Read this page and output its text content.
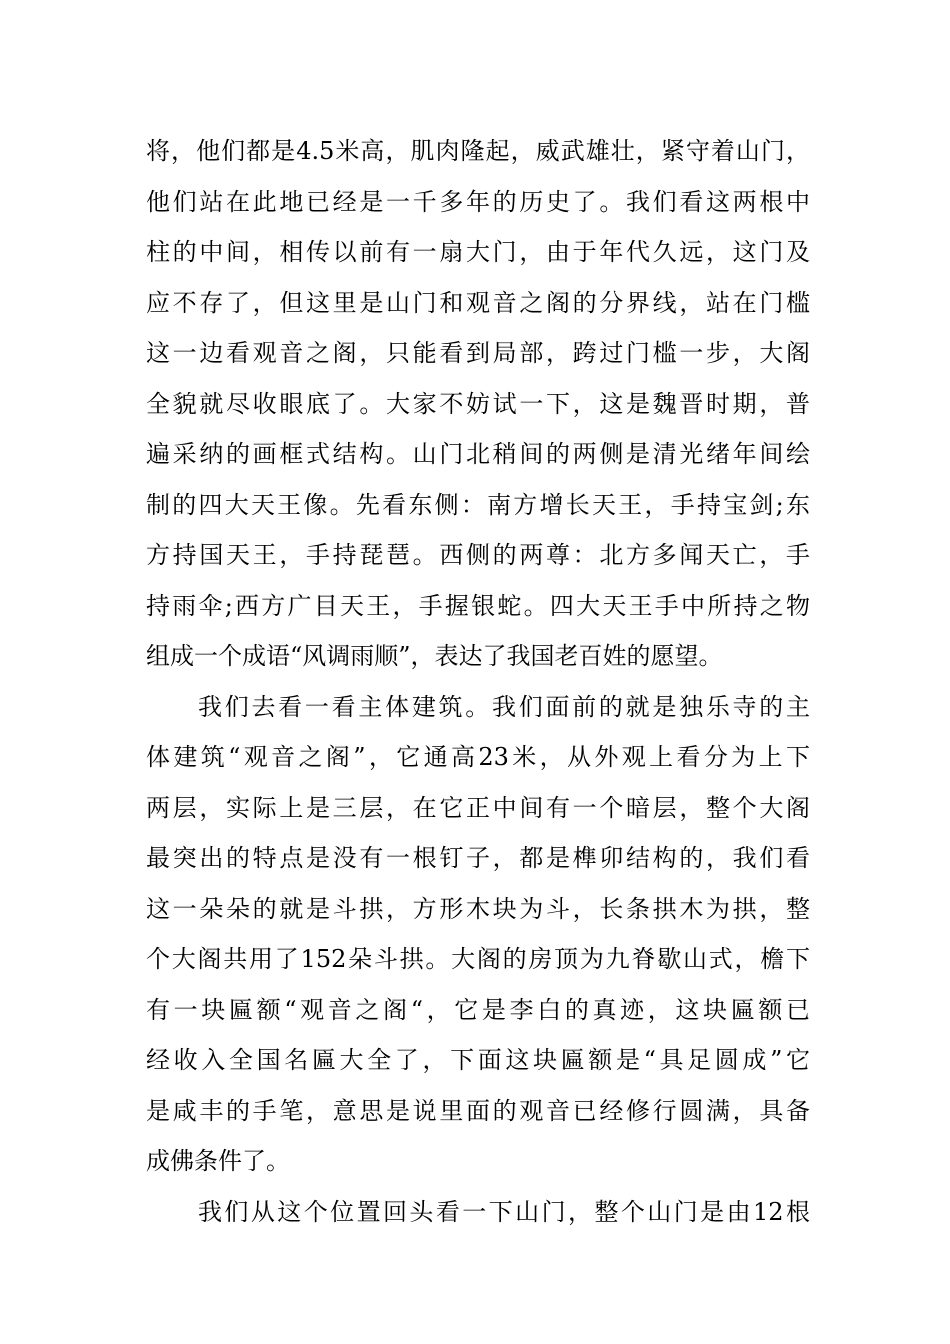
将，他们都是4.5米高，肌肉隆起，威武雄壮，紧守着山门，
他们站在此地已经是一千多年的历史了。我们看这两根中
柱的中间，相传以前有一扇大门，由于年代久远，这门及
应不存了，但这里是山门和观音之阁的分界线，站在门槛
这一边看观音之阁，只能看到局部，跨过门槛一步，大阁
全貌就尽收眼底了。大家不妨试一下，这是魏晋时期，普
遍采纳的画框式结构。山门北稍间的两侧是清光绪年间绘
制的四大天王像。先看东侧：南方增长天王，手持宝剑;东
方持国天王，手持琵琶。西侧的两尊：北方多闻天亡，手
持雨伞;西方广目天王，手握银蛇。四大天王手中所持之物
组成一个成语“风调雨顺”，表达了我国老百姓的愿望。
我们去看一看主体建筑。我们面前的就是独乐寺的主
体建筑“观音之阁”，它通高23米，从外观上看分为上下
两层，实际上是三层，在它正中间有一个暗层，整个大阁
最突出的特点是没有一根钉子，都是榫卯结构的，我们看
这一朵朵的就是斗拱，方形木块为斗，长条拱木为拱，整
个大阁共用了152朵斗拱。大阁的房顶为九脊歇山式，檐下
有一块匾额“观音之阁“，它是李白的真迹，这块匾额已
经收入全国名匾大全了，下面这块匾额是“具足圆成”它
是咸丰的手笔，意思是说里面的观音已经修行圆满，具备
成佛条件了。
我们从这个位置回头看一下山门，整个山门是由12根
